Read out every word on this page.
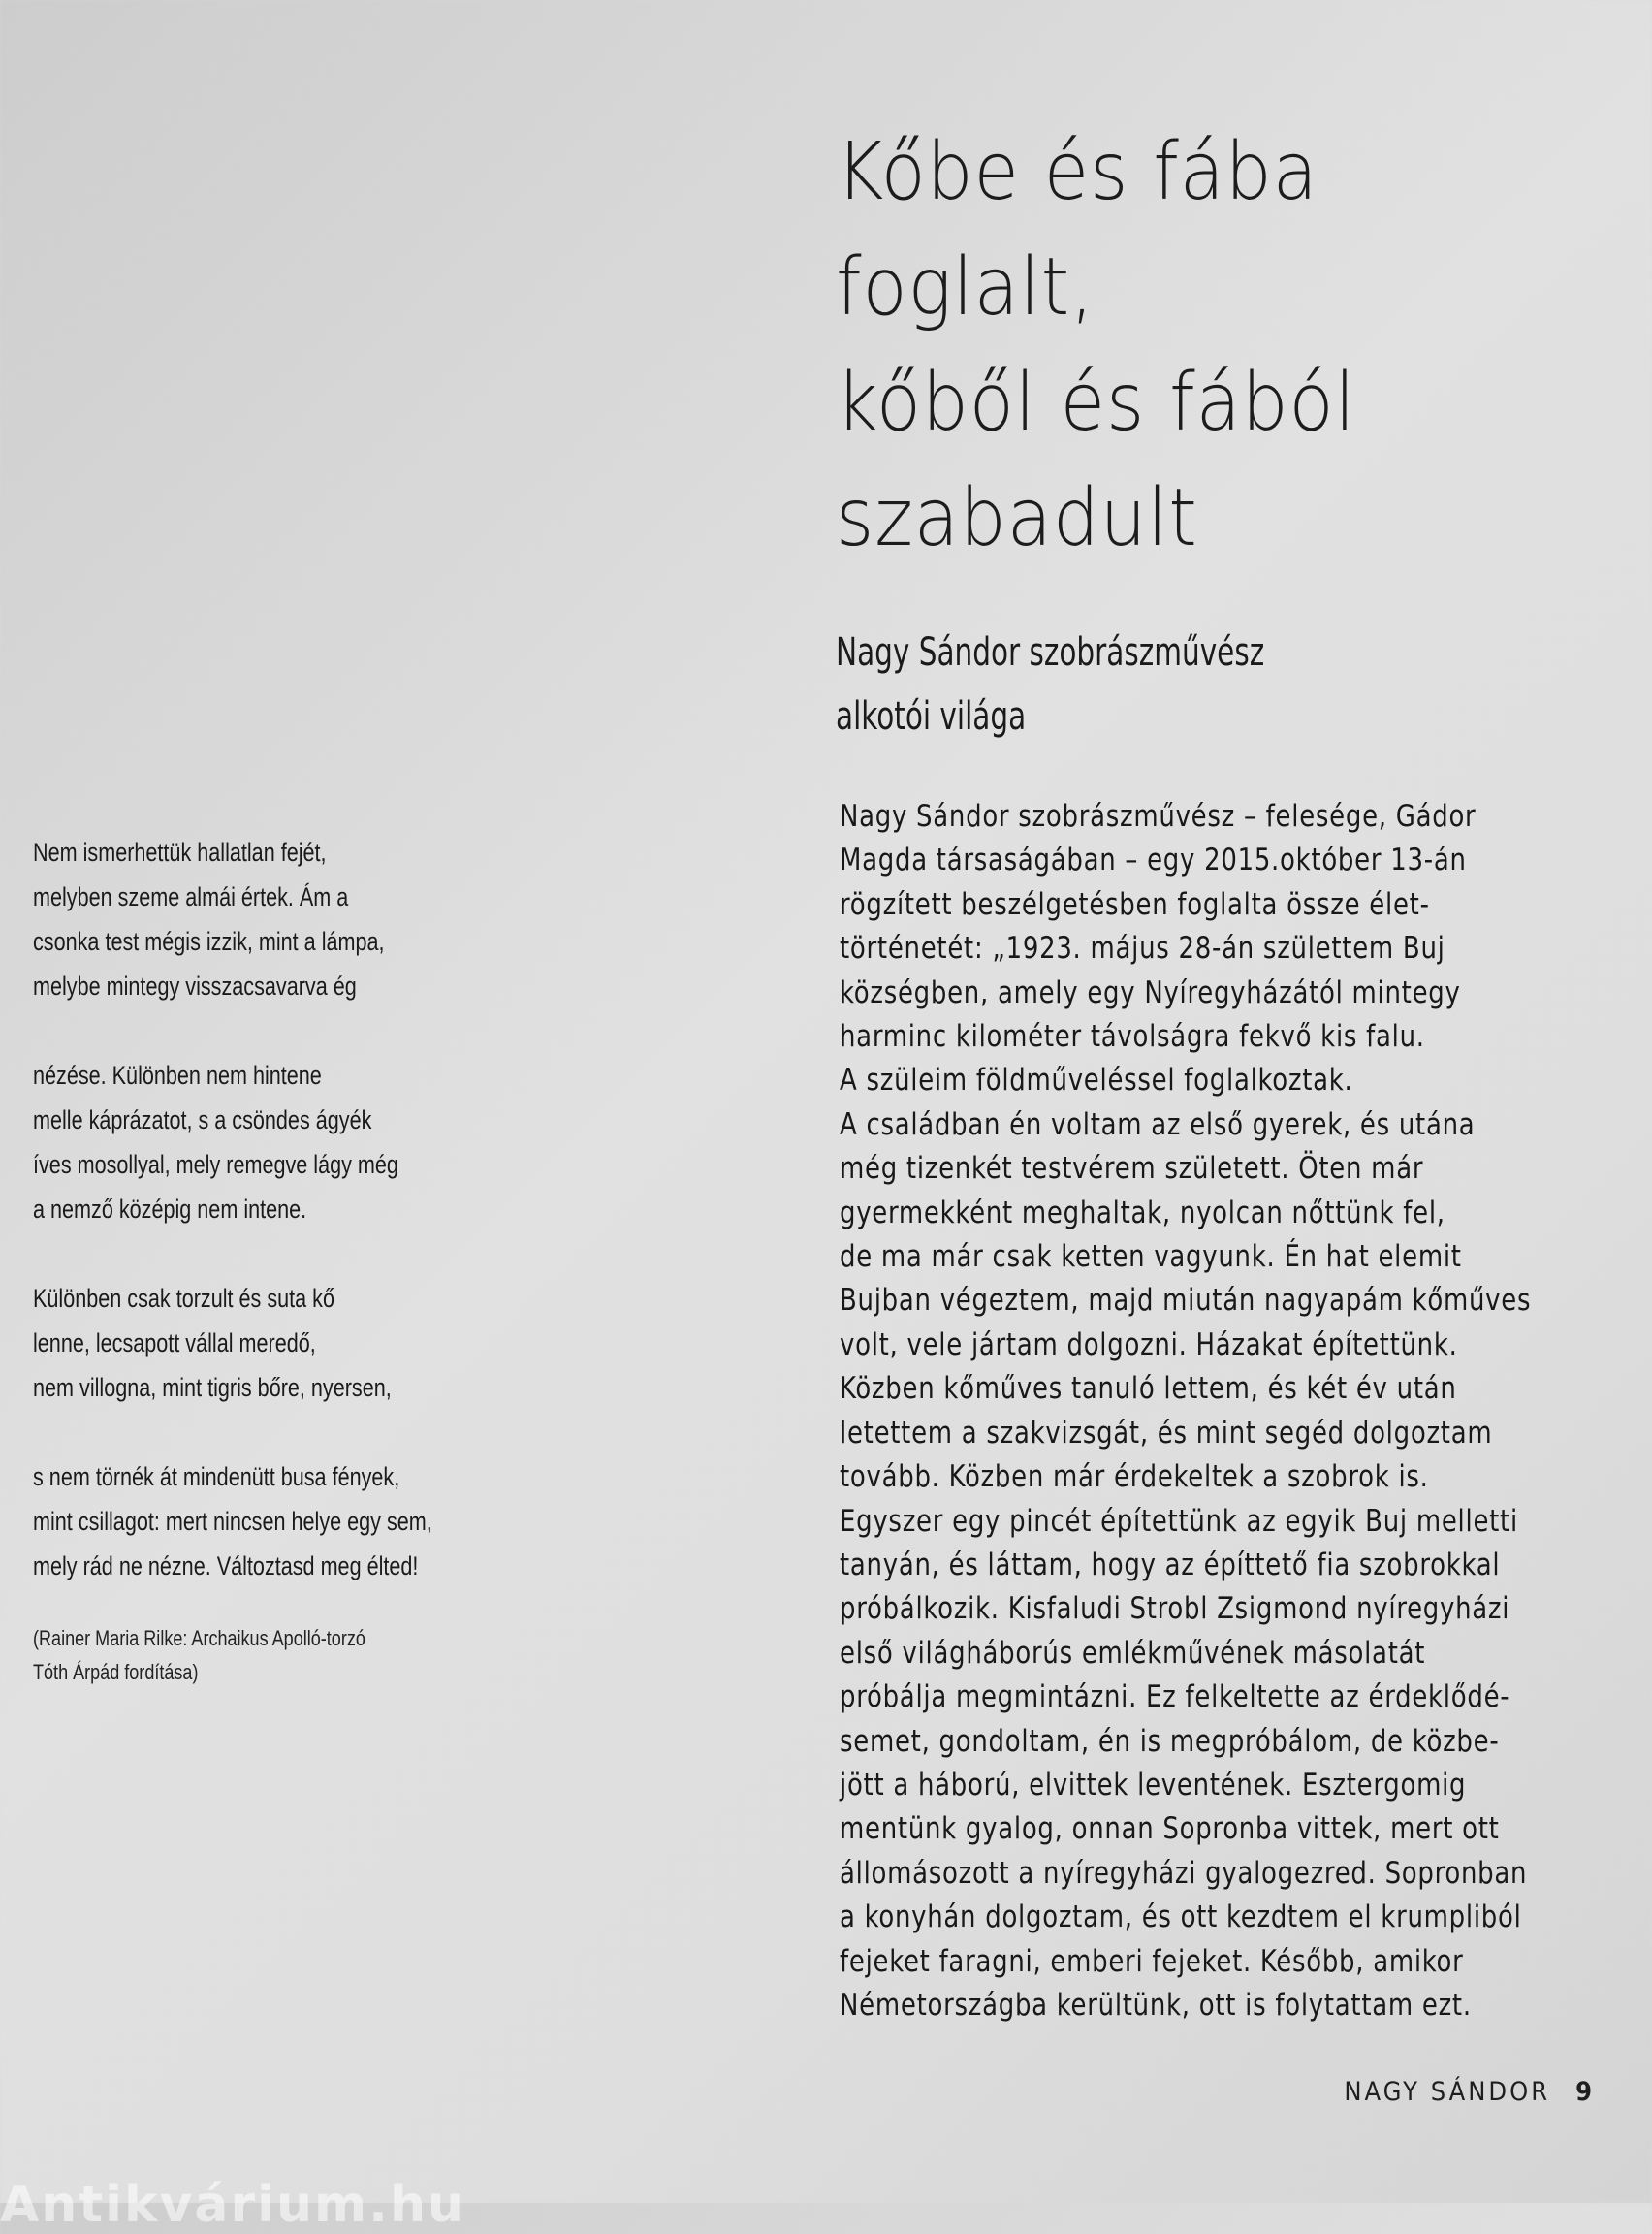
Kőbe és fába
foglalt,
kőből és fából
szabadult
Nagy Sándor szobrászművész
alkotói világa
Nagy Sándor szobrászművész – felesége, Gádor
Magda társaságában – egy 2015.október 13-án
rögzített beszélgetésben foglalta össze élet-
történetét: „1923. május 28-án születtem Buj
községben, amely egy Nyíregyházától mintegy
harminc kilométer távolságra fekvő kis falu.
A szüleim földműveléssel foglalkoztak.
A családban én voltam az első gyerek, és utána
még tizenkét testvérem született. Öten már
gyermekként meghaltak, nyolcan nőttünk fel,
de ma már csak ketten vagyunk. Én hat elemit
Bujban végeztem, majd miután nagyapám kőműves
volt, vele jártam dolgozni. Házakat építettünk.
Közben kőműves tanuló lettem, és két év után
letettem a szakvizsgát, és mint segéd dolgoztam
tovább. Közben már érdekeltek a szobrok is.
Egyszer egy pincét építettünk az egyik Buj melletti
tanyán, és láttam, hogy az építtető fia szobrokkal
próbálkozik. Kisfaludi Strobl Zsigmond nyíregyházi
első világháborús emlékművének másolatát
próbálja megmintázni. Ez felkeltette az érdeklődé-
semet, gondoltam, én is megpróbálom, de közbe-
jött a háború, elvittek leventének. Esztergomig
mentünk gyalog, onnan Sopronba vittek, mert ott
állomásozott a nyíregyházi gyalogezred. Sopronban
a konyhán dolgoztam, és ott kezdtem el krumpliból
fejeket faragni, emberi fejeket. Később, amikor
Németországba kerültünk, ott is folytattam ezt.
Nem ismerhettük hallatlan fejét,
melyben szeme almái értek. Ám a
csonka test mégis izzik, mint a lámpa,
melybe mintegy visszacsavarva ég
nézése. Különben nem hintene
melle káprázatot, s a csöndes ágyék
íves mosollyal, mely remegve lágy még
a nemző középig nem intene.
Különben csak torzult és suta kő
lenne, lecsapott vállal meredő,
nem villogna, mint tigris bőre, nyersen,
s nem törnék át mindenütt busa fények,
mint csillagot: mert nincsen helye egy sem,
mely rád ne nézne. Változtasd meg élted!
(Rainer Maria Rilke: Archaikus Apolló-torzó
Tóth Árpád fordítása)
NAGY SÁNDOR 9
Antikvárium.hu
